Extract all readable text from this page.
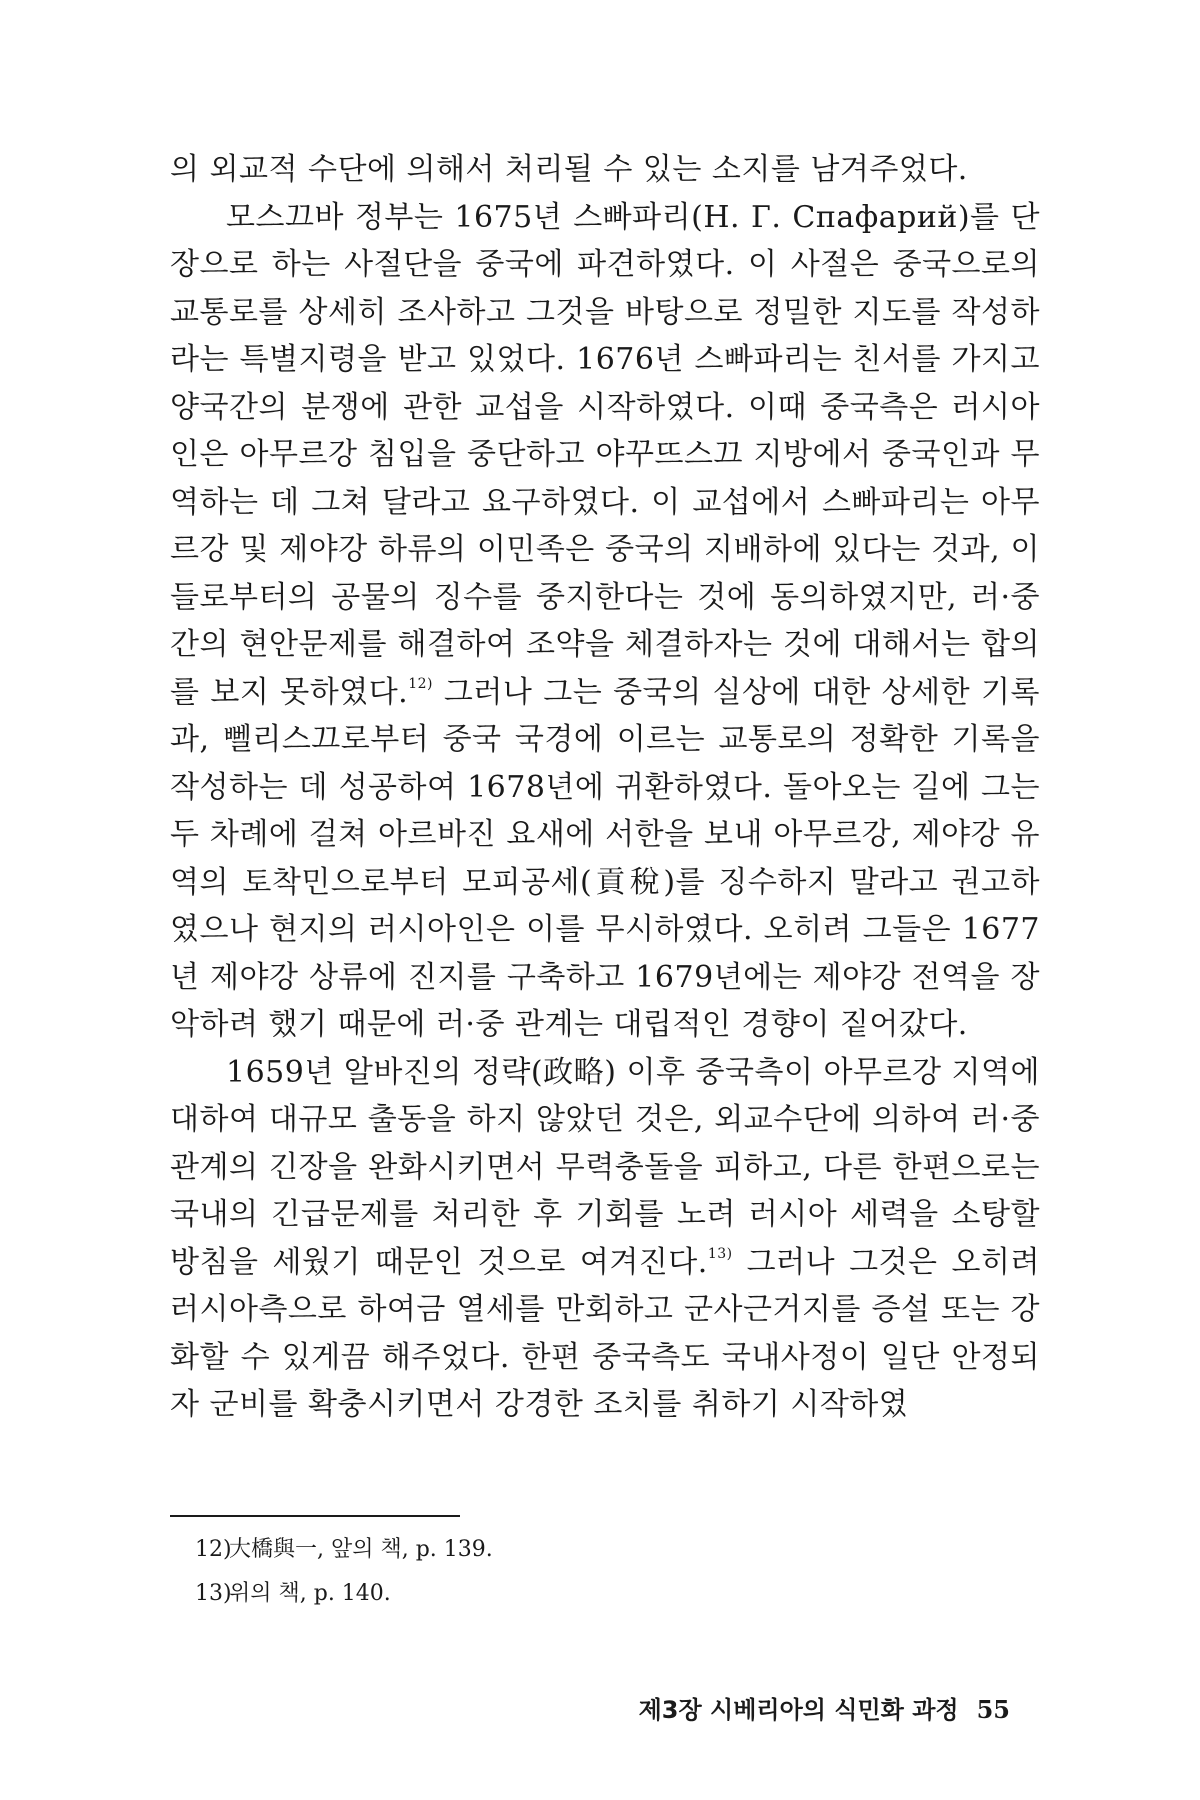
의 외교적 수단에 의해서 처리될 수 있는 소지를 남겨주었다.

모스끄바 정부는 1675년 스빠파리(Н. Г. Спафарий)를 단장으로 하는 사절단을 중국에 파견하였다. 이 사절은 중국으로의 교통로를 상세히 조사하고 그것을 바탕으로 정밀한 지도를 작성하라는 특별지령을 받고 있었다. 1676년 스빠파리는 친서를 가지고 양국간의 분쟁에 관한 교섭을 시작하였다. 이때 중국측은 러시아인은 아무르강 침입을 중단하고 야꾸뜨스끄 지방에서 중국인과 무역하는 데 그쳐 달라고 요구하였다. 이 교섭에서 스빠파리는 아무르강 및 제야강 하류의 이민족은 중국의 지배하에 있다는 것과, 이들로부터의 공물의 징수를 중지한다는 것에 동의하였지만, 러·중간의 현안문제를 해결하여 조약을 체결하자는 것에 대해서는 합의를 보지 못하였다.$^{12)}$ 그러나 그는 중국의 실상에 대한 상세한 기록과, 뻴리스끄로부터 중국 국경에 이르는 교통로의 정확한 기록을 작성하는 데 성공하여 1678년에 귀환하였다. 돌아오는 길에 그는 두 차례에 걸쳐 아르바진 요새에 서한을 보내 아무르강, 제야강 유역의 토착민으로부터 모피공세(貢稅)를 징수하지 말라고 권고하였으나 현지의 러시아인은 이를 무시하였다. 오히려 그들은 1677년 제야강 상류에 진지를 구축하고 1679년에는 제야강 전역을 장악하려 했기 때문에 러·중 관계는 대립적인 경향이 짙어갔다.

1659년 알바진의 정략(政略) 이후 중국측이 아무르강 지역에 대하여 대규모 출동을 하지 않았던 것은, 외교수단에 의하여 러·중 관계의 긴장을 완화시키면서 무력충돌을 피하고, 다른 한편으로는 국내의 긴급문제를 처리한 후 기회를 노려 러시아 세력을 소탕할 방침을 세웠기 때문인 것으로 여겨진다.$^{13)}$ 그러나 그것은 오히려 러시아측으로 하여금 열세를 만회하고 군사근거지를 증설 또는 강화할 수 있게끔 해주었다. 한편 중국측도 국내사정이 일단 안정되자 군비를 확충시키면서 강경한 조치를 취하기 시작하였

12)大橋與一, 앞의 책, p. 139.

13)위의 책, p. 140.

제3장 시베리아의 식민화 과정 55
